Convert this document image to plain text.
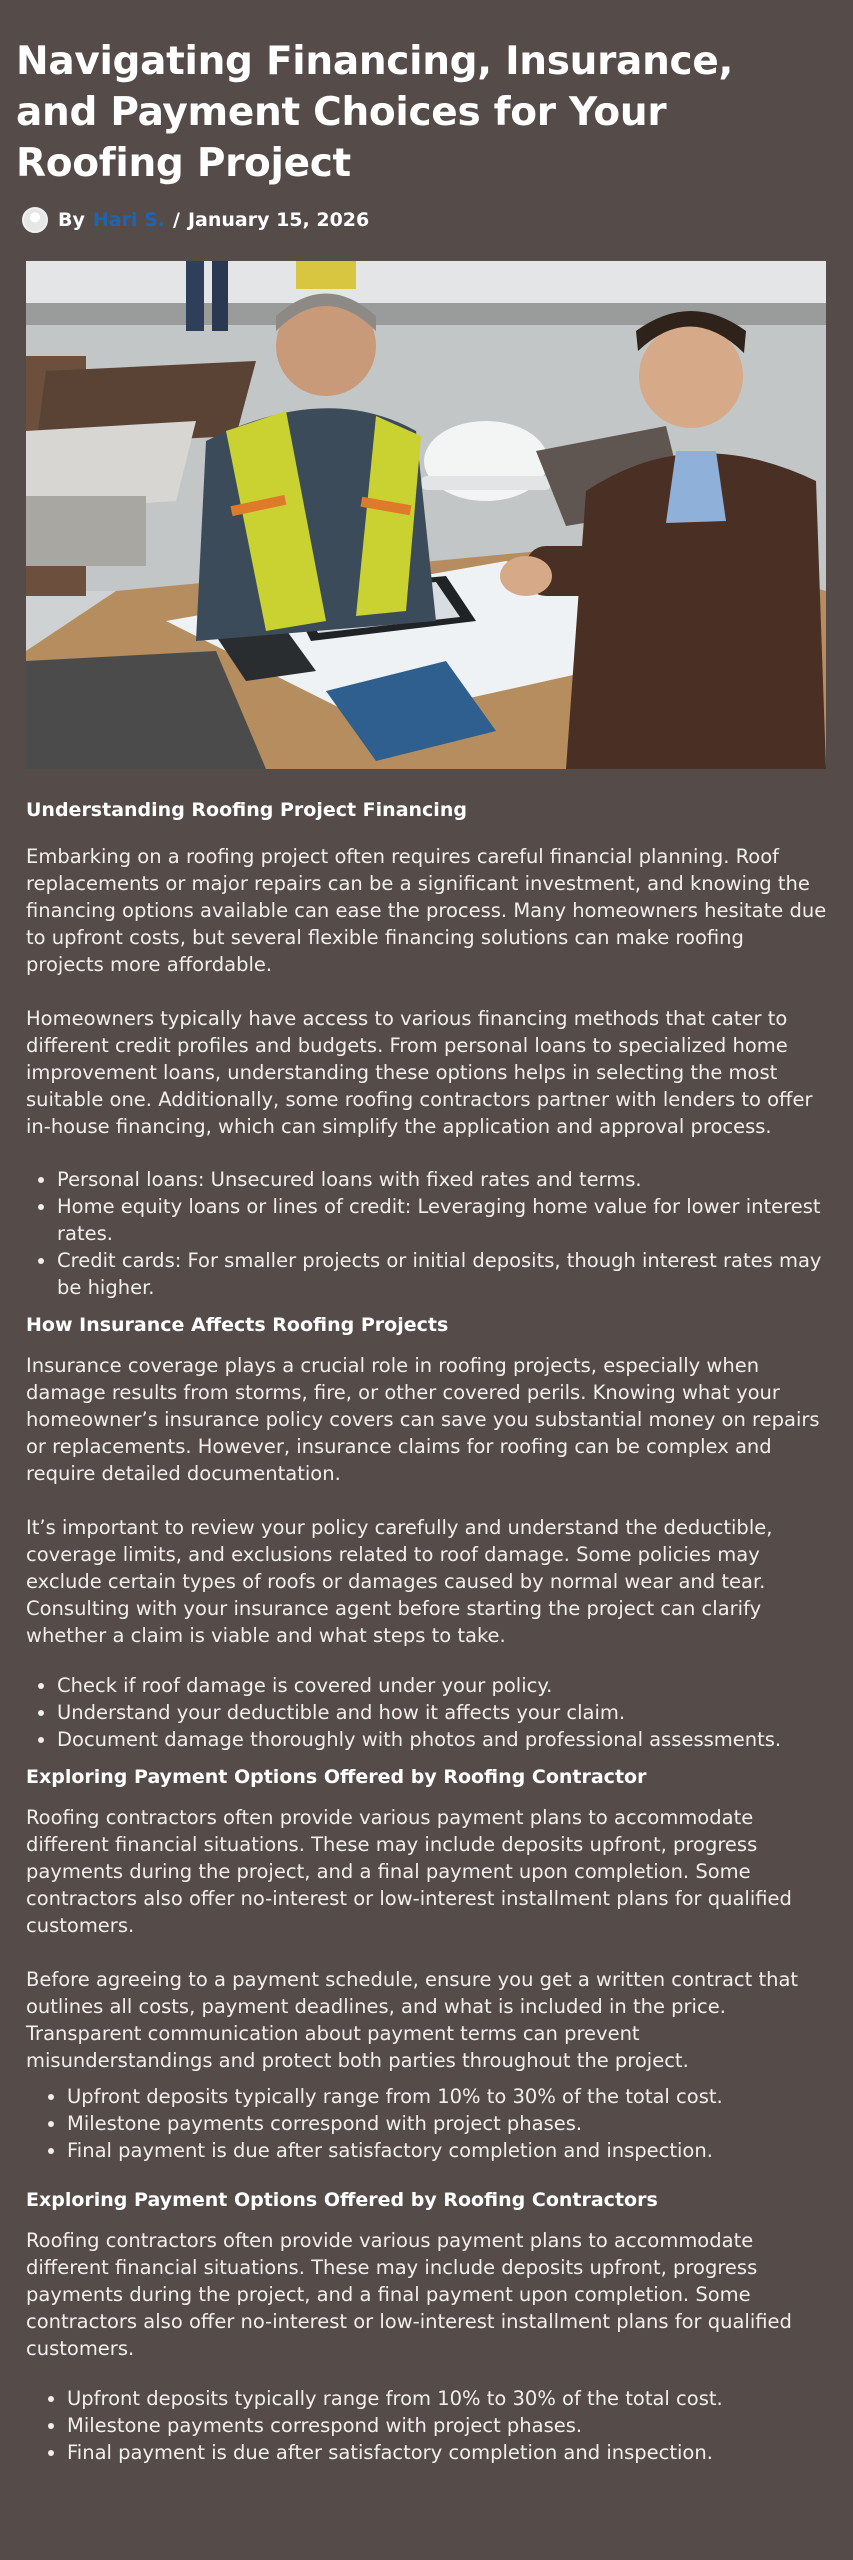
Navigating Financing, Insurance, and Payment Choices for Your Roofing Project
By Hari S. / January 15, 2026
Understanding Roofing Project Financing

Embarking on a roofing project often requires careful financial planning. Roof replacements or major repairs can be a significant investment, and knowing the financing options available can ease the process. Many homeowners hesitate due to upfront costs, but several flexible financing solutions can make roofing projects more affordable.

Homeowners typically have access to various financing methods that cater to different credit profiles and budgets. From personal loans to specialized home improvement loans, understanding these options helps in selecting the most suitable one. Additionally, some roofing contractors partner with lenders to offer in-house financing, which can simplify the application and approval process.

• Personal loans: Unsecured loans with fixed rates and terms.
• Home equity loans or lines of credit: Leveraging home value for lower interest rates.
• Credit cards: For smaller projects or initial deposits, though interest rates may be higher.
How Insurance Affects Roofing Projects

Insurance coverage plays a crucial role in roofing projects, especially when damage results from storms, fire, or other covered perils. Knowing what your homeowner’s insurance policy covers can save you substantial money on repairs or replacements. However, insurance claims for roofing can be complex and require detailed documentation.

It’s important to review your policy carefully and understand the deductible, coverage limits, and exclusions related to roof damage. Some policies may exclude certain types of roofs or damages caused by normal wear and tear. Consulting with your insurance agent before starting the project can clarify whether a claim is viable and what steps to take.

• Check if roof damage is covered under your policy.
• Understand your deductible and how it affects your claim.
• Document damage thoroughly with photos and professional assessments.
Exploring Payment Options Offered by Roofing Contractor

Roofing contractors often provide various payment plans to accommodate different financial situations. These may include deposits upfront, progress payments during the project, and a final payment upon completion. Some contractors also offer no-interest or low-interest installment plans for qualified customers.

Before agreeing to a payment schedule, ensure you get a written contract that outlines all costs, payment deadlines, and what is included in the price. Transparent communication about payment terms can prevent misunderstandings and protect both parties throughout the project.

• Upfront deposits typically range from 10% to 30% of the total cost.
• Milestone payments correspond with project phases.
• Final payment is due after satisfactory completion and inspection.
Exploring Payment Options Offered by Roofing Contractors

Roofing contractors often provide various payment plans to accommodate different financial situations. These may include deposits upfront, progress payments during the project, and a final payment upon completion. Some contractors also offer no-interest or low-interest installment plans for qualified customers.

• Upfront deposits typically range from 10% to 30% of the total cost.
• Milestone payments correspond with project phases.
• Final payment is due after satisfactory completion and inspection.
